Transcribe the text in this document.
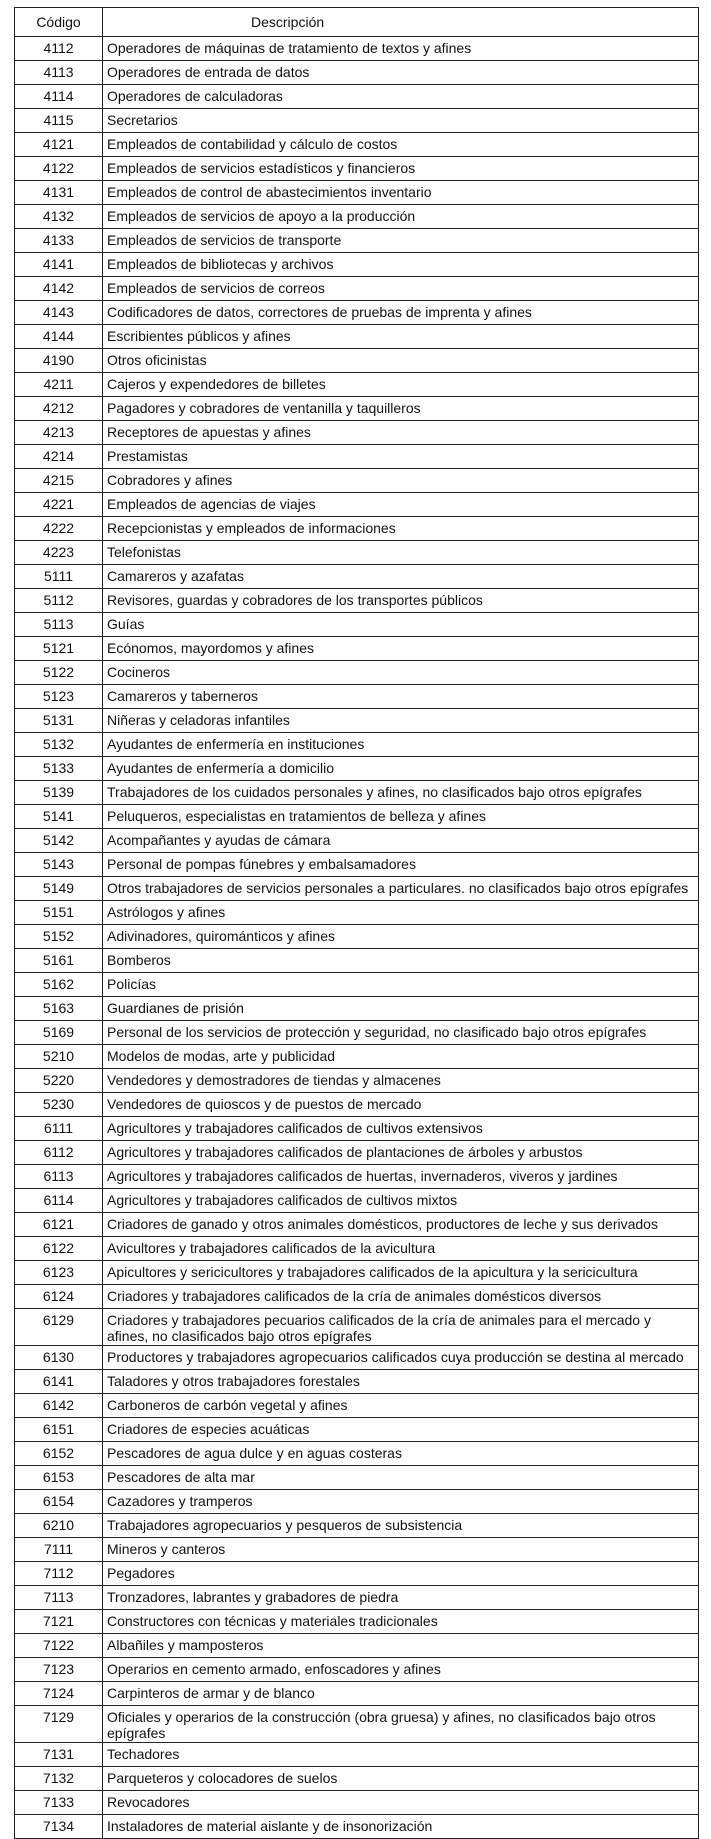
Código	Descripción
4112	Operadores de máquinas de tratamiento de textos y afines
4113	Operadores de entrada de datos
4114	Operadores de calculadoras
4115	Secretarios
4121	Empleados de contabilidad y cálculo de costos
4122	Empleados de servicios estadísticos y financieros
4131	Empleados de control de abastecimientos inventario
4132	Empleados de servicios de apoyo a la producción
4133	Empleados de servicios de transporte
4141	Empleados de bibliotecas y archivos
4142	Empleados de servicios de correos
4143	Codificadores de datos, correctores de pruebas de imprenta y afines
4144	Escribientes públicos y afines
4190	Otros oficinistas
4211	Cajeros y expendedores de billetes
4212	Pagadores y cobradores de ventanilla y taquilleros
4213	Receptores de apuestas y afines
4214	Prestamistas
4215	Cobradores y afines
4221	Empleados de agencias de viajes
4222	Recepcionistas y empleados de informaciones
4223	Telefonistas
5111	Camareros y azafatas
5112	Revisores, guardas y cobradores de los transportes públicos
5113	Guías
5121	Ecónomos, mayordomos y afines
5122	Cocineros
5123	Camareros y taberneros
5131	Niñeras y celadoras infantiles
5132	Ayudantes de enfermería en instituciones
5133	Ayudantes de enfermería a domicilio
5139	Trabajadores de los cuidados personales y afines, no clasificados bajo otros epígrafes
5141	Peluqueros, especialistas en tratamientos de belleza y afines
5142	Acompañantes y ayudas de cámara
5143	Personal de pompas fúnebres y embalsamadores
5149	Otros trabajadores de servicios personales a particulares. no clasificados bajo otros epígrafes
5151	Astrólogos y afines
5152	Adivinadores, quirománticos y afines
5161	Bomberos
5162	Policías
5163	Guardianes de prisión
5169	Personal de los servicios de protección y seguridad, no clasificado bajo otros epígrafes
5210	Modelos de modas, arte y publicidad
5220	Vendedores y demostradores de tiendas y almacenes
5230	Vendedores de quioscos y de puestos de mercado
6111	Agricultores y trabajadores calificados de cultivos extensivos
6112	Agricultores y trabajadores calificados de plantaciones de árboles y arbustos
6113	Agricultores y trabajadores calificados de huertas, invernaderos, viveros y jardines
6114	Agricultores y trabajadores calificados de cultivos mixtos
6121	Criadores de ganado y otros animales domésticos, productores de leche y sus derivados
6122	Avicultores y trabajadores calificados de la avicultura
6123	Apicultores y sericicultores y trabajadores calificados de la apicultura y la sericicultura
6124	Criadores y trabajadores calificados de la cría de animales domésticos diversos
6129	Criadores y trabajadores pecuarios calificados de la cría de animales para el mercado y afines, no clasificados bajo otros epígrafes
6130	Productores y trabajadores agropecuarios calificados cuya producción se destina al mercado
6141	Taladores y otros trabajadores forestales
6142	Carboneros de carbón vegetal y afines
6151	Criadores de especies acuáticas
6152	Pescadores de agua dulce y en aguas costeras
6153	Pescadores de alta mar
6154	Cazadores y tramperos
6210	Trabajadores agropecuarios y pesqueros de subsistencia
7111	Mineros y canteros
7112	Pegadores
7113	Tronzadores, labrantes y grabadores de piedra
7121	Constructores con técnicas y materiales tradicionales
7122	Albañiles y mamposteros
7123	Operarios en cemento armado, enfoscadores y afines
7124	Carpinteros de armar y de blanco
7129	Oficiales y operarios de la construcción (obra gruesa) y afines, no clasificados bajo otros epígrafes
7131	Techadores
7132	Parqueteros y colocadores de suelos
7133	Revocadores
7134	Instaladores de material aislante y de insonorización
